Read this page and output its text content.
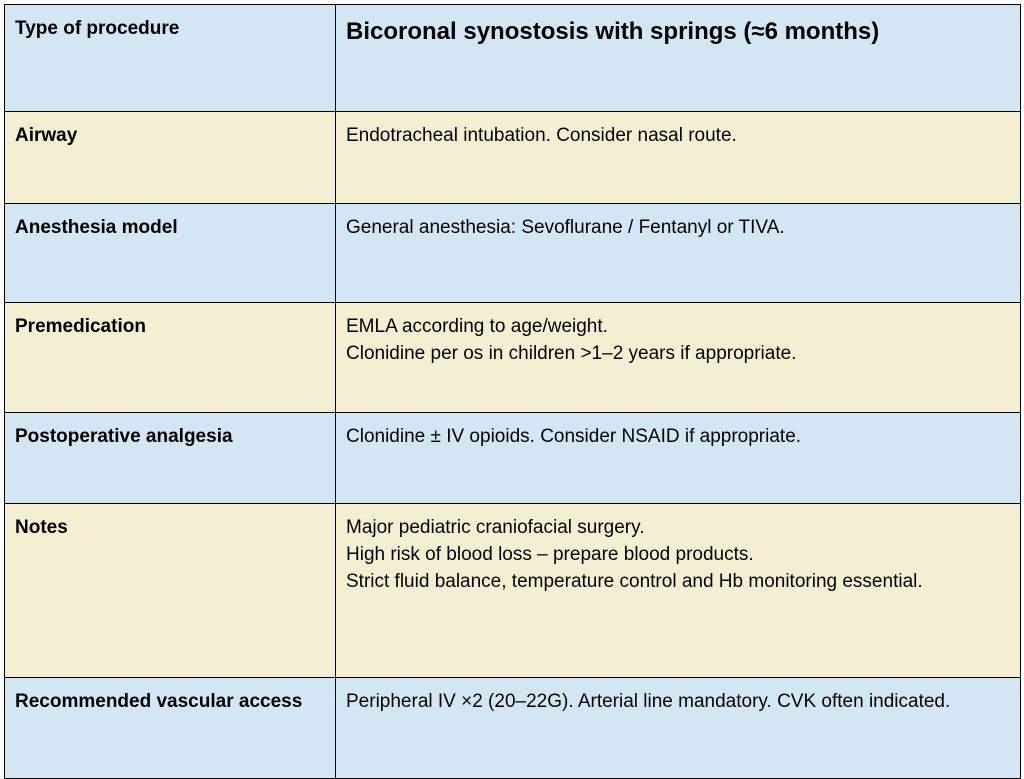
Type of procedure	Bicoronal synostosis with springs (≈6 months)
Airway	Endotracheal intubation. Consider nasal route.

Anesthesia model	General anesthesia: Sevoflurane / Fentanyl or TIVA.

Premedication	EMLA according to age/weight.
Clonidine per os in children >1–2 years if appropriate.

Postoperative analgesia	Clonidine ± IV opioids. Consider NSAID if appropriate.

Notes	Major pediatric craniofacial surgery.
High risk of blood loss – prepare blood products.
Strict fluid balance, temperature control and Hb monitoring essential.

Recommended vascular access	Peripheral IV ×2 (20–22G). Arterial line mandatory. CVK often indicated.
